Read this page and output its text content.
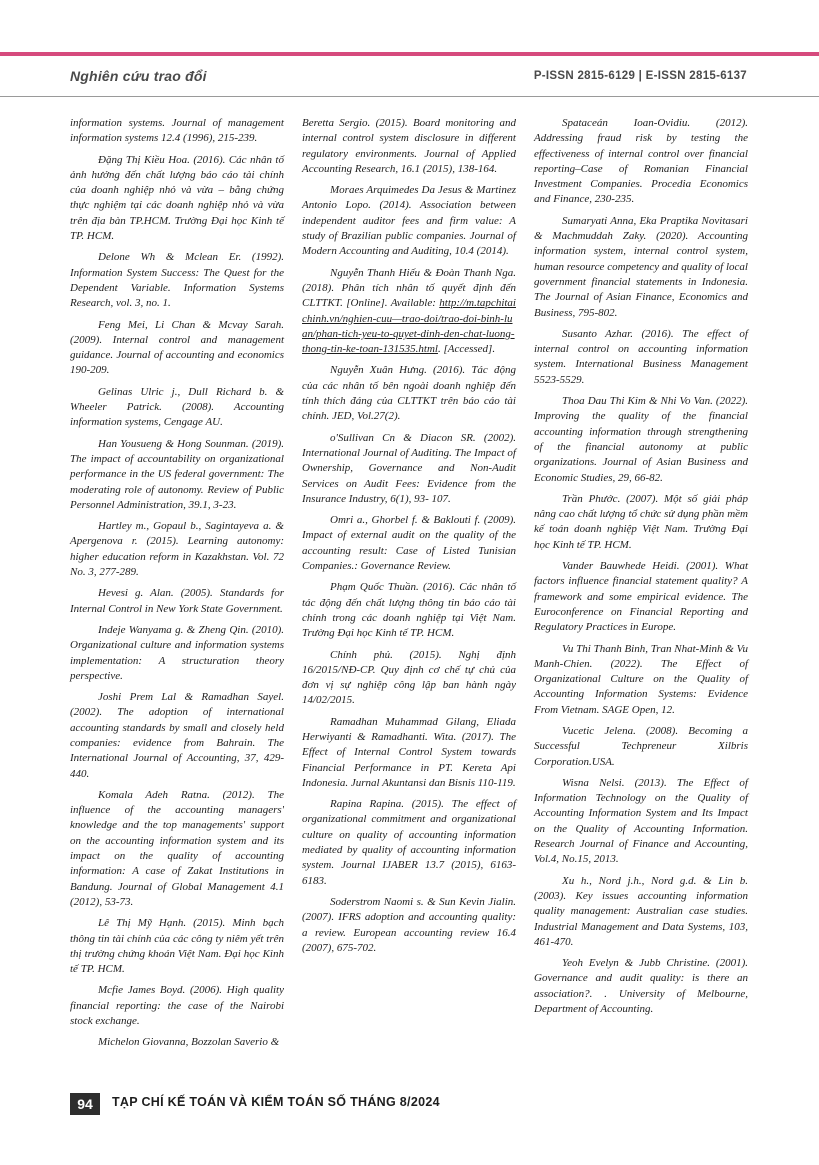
Nghiên cứu trao đổi	P-ISSN 2815-6129 | E-ISSN 2815-6137

information systems. Journal of management information systems 12.4 (1996), 215-239.

Đặng Thị Kiều Hoa. (2016). Các nhân tố ảnh hưởng đến chất lượng báo cáo tài chính của doanh nghiệp nhỏ và vừa – bằng chứng thực nghiệm tại các doanh nghiệp nhỏ và vừa trên địa bàn TP.HCM. Trường Đại học Kinh tế TP. HCM.

Delone Wh & Mclean Er. (1992). Information System Success: The Quest for the Dependent Variable. Information Systems Research, vol. 3, no. 1.

Feng Mei, Li Chan & Mcvay Sarah. (2009). Internal control and management guidance. Journal of accounting and economics 190-209.

Gelinas Ulric j., Dull Richard b. & Wheeler Patrick. (2008). Accounting information systems, Cengage AU.

Han Yousueng & Hong Sounman. (2019). The impact of accountability on organizational performance in the US federal government: The moderating role of autonomy. Review of Public Personnel Administration, 39.1, 3-23.

Hartley m., Gopaul b., Sagintayeva a. & Apergenova r. (2015). Learning autonomy: higher education reform in Kazakhstan. Vol. 72 No. 3, 277-289.

Hevesi g. Alan. (2005). Standards for Internal Control in New York State Government.

Indeje Wanyama g. & Zheng Qin. (2010). Organizational culture and information systems implementation: A structuration theory perspective.

Joshi Prem Lal & Ramadhan Sayel. (2002). The adoption of international accounting standards by small and closely held companies: evidence from Bahrain. The International Journal of Accounting, 37, 429-440.

Komala Adeh Ratna. (2012). The influence of the accounting managers' knowledge and the top managements' support on the accounting information system and its impact on the quality of accounting information: A case of Zakat Institutions in Bandung. Journal of Global Management 4.1 (2012), 53-73.

Lê Thị Mỹ Hạnh. (2015). Minh bạch thông tin tài chính của các công ty niêm yết trên thị trường chứng khoán Việt Nam. Đại học Kinh tế TP. HCM.

Mcfie James Boyd. (2006). High quality financial reporting: the case of the Nairobi stock exchange.

Michelon Giovanna, Bozzolan Saverio &

Beretta Sergio. (2015). Board monitoring and internal control system disclosure in different regulatory environments. Journal of Applied Accounting Research, 16.1 (2015), 138-164.

Moraes Arquimedes Da Jesus & Martinez Antonio Lopo. (2014). Association between independent auditor fees and firm value: A study of Brazilian public companies. Journal of Modern Accounting and Auditing, 10.4 (2014).

Nguyễn Thanh Hiếu & Đoàn Thanh Nga. (2018). Phân tích nhân tố quyết định đến CLTTKT. [Online]. Available: http://m.tapchitaichinh.vn/nghien-cuu—trao-doi/trao-doi-binh-luan/phan-tich-yeu-to-quyet-dinh-den-chat-luong-thong-tin-ke-toan-131535.html. [Accessed].

Nguyễn Xuân Hưng. (2016). Tác động của các nhân tố bên ngoài doanh nghiệp đến tính thích đáng của CLTTKT trên báo cáo tài chính. JED, Vol.27(2).

o'Sullivan Cn & Diacon SR. (2002). International Journal of Auditing. The Impact of Ownership, Governance and Non-Audit Services on Audit Fees: Evidence from the Insurance Industry, 6(1), 93- 107.

Omri a., Ghorbel f. & Baklouti f. (2009). Impact of external audit on the quality of the accounting result: Case of Listed Tunisian Companies.: Governance Review.

Phạm Quốc Thuần. (2016). Các nhân tố tác động đến chất lượng thông tin báo cáo tài chính trong các doanh nghiệp tại Việt Nam. Trường Đại học Kinh tế TP. HCM.

Chính phủ. (2015). Nghị định 16/2015/NĐ-CP. Quy định cơ chế tự chủ của đơn vị sự nghiệp công lập ban hành ngày 14/02/2015.

Ramadhan Muhammad Gilang, Eliada Herwiyanti & Ramadhanti. Wita. (2017). The Effect of Internal Control System towards Financial Performance in PT. Kereta Api Indonesia. Jurnal Akuntansi dan Bisnis 110-119.

Rapina Rapina. (2015). The effect of organizational commitment and organizational culture on quality of accounting information mediated by quality of accounting information system. Journal IJABER 13.7 (2015), 6163-6183.

Soderstrom Naomi s. & Sun Kevin Jialin. (2007). IFRS adoption and accounting quality: a review. European accounting review 16.4 (2007), 675-702.

Spataceán Ioan-Ovidiu. (2012). Addressing fraud risk by testing the effectiveness of internal control over financial reporting–Case of Romanian Financial Investment Companies. Procedia Economics and Finance, 230-235.

Sumaryati Anna, Eka Praptika Novitasari & Machmuddah Zaky. (2020). Accounting information system, internal control system, human resource competency and quality of local government financial statements in Indonesia. The Journal of Asian Finance, Economics and Business, 795-802.

Susanto Azhar. (2016). The effect of internal control on accounting information system. International Business Management 5523-5529.

Thoa Dau Thi Kim & Nhi Vo Van. (2022). Improving the quality of the financial accounting information through strengthening of the financial autonomy at public organizations. Journal of Asian Business and Economic Studies, 29, 66-82.

Trần Phước. (2007). Một số giải pháp nâng cao chất lượng tổ chức sử dụng phần mềm kế toán doanh nghiệp Việt Nam. Trường Đại học Kinh tế TP. HCM.

Vander Bauwhede Heidi. (2001). What factors influence financial statement quality? A framework and some empirical evidence. The Euroconference on Financial Reporting and Regulatory Practices in Europe.

Vu Thi Thanh Binh, Tran Nhat-Minh & Vu Manh-Chien. (2022). The Effect of Organizational Culture on the Quality of Accounting Information Systems: Evidence From Vietnam. SAGE Open, 12.

Vucetic Jelena. (2008). Becoming a Successful Techpreneur Xilbris Corporation.USA.

Wisna Nelsi. (2013). The Effect of Information Technology on the Quality of Accounting Information System and Its Impact on the Quality of Accounting Information. Research Journal of Finance and Accounting, Vol.4, No.15, 2013.

Xu h., Nord j.h., Nord g.d. & Lin b. (2003). Key issues accounting information quality management: Australian case studies. Industrial Management and Data Systems, 103, 461-470.

Yeoh Evelyn & Jubb Christine. (2001). Governance and audit quality: is there an association?. . University of Melbourne, Department of Accounting.

94	TẠP CHÍ KẾ TOÁN VÀ KIỂM TOÁN SỐ THÁNG 8/2024
